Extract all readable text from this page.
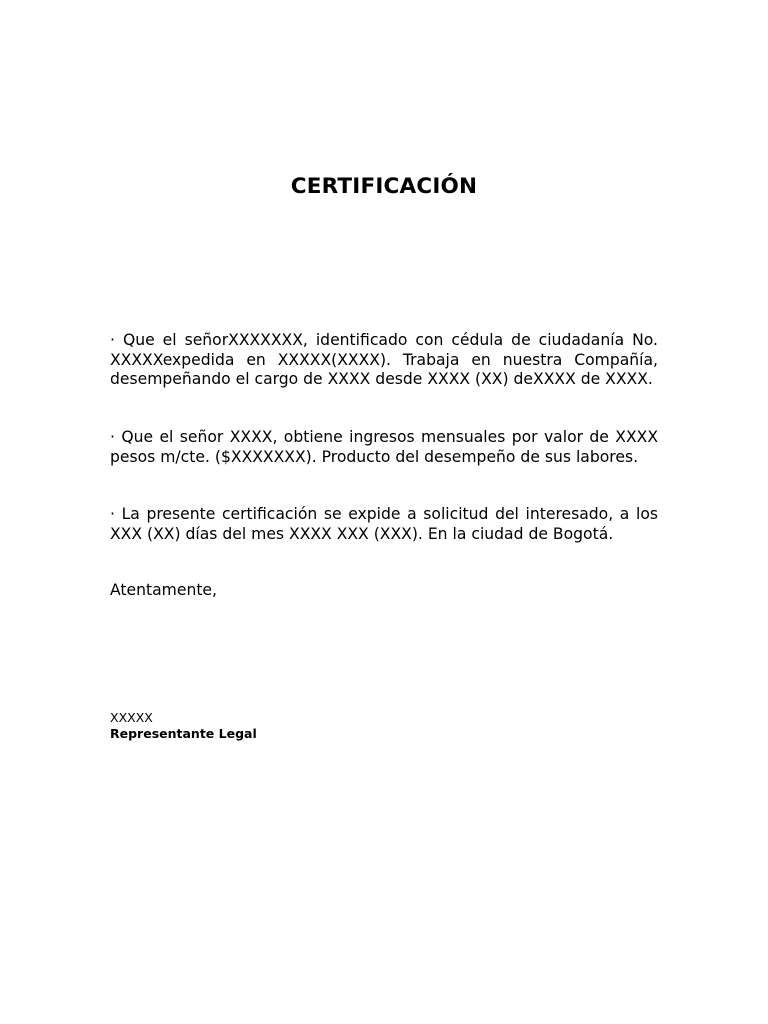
CERTIFICACIÓN

· Que el señorXXXXXXX, identificado con cédula de ciudadanía No. XXXXXexpedida en XXXXX(XXXX). Trabaja en nuestra Compañía, desempeñando el cargo de XXXX desde XXXX (XX) deXXXX de XXXX.

· Que el señor XXXX, obtiene ingresos mensuales por valor de XXXX pesos m/cte. ($XXXXXXX). Producto del desempeño de sus labores.

· La presente certificación se expide a solicitud del interesado, a los XXX (XX) días del mes XXXX XXX (XXX). En la ciudad de Bogotá.

Atentamente,

XXXXX

Representante Legal
